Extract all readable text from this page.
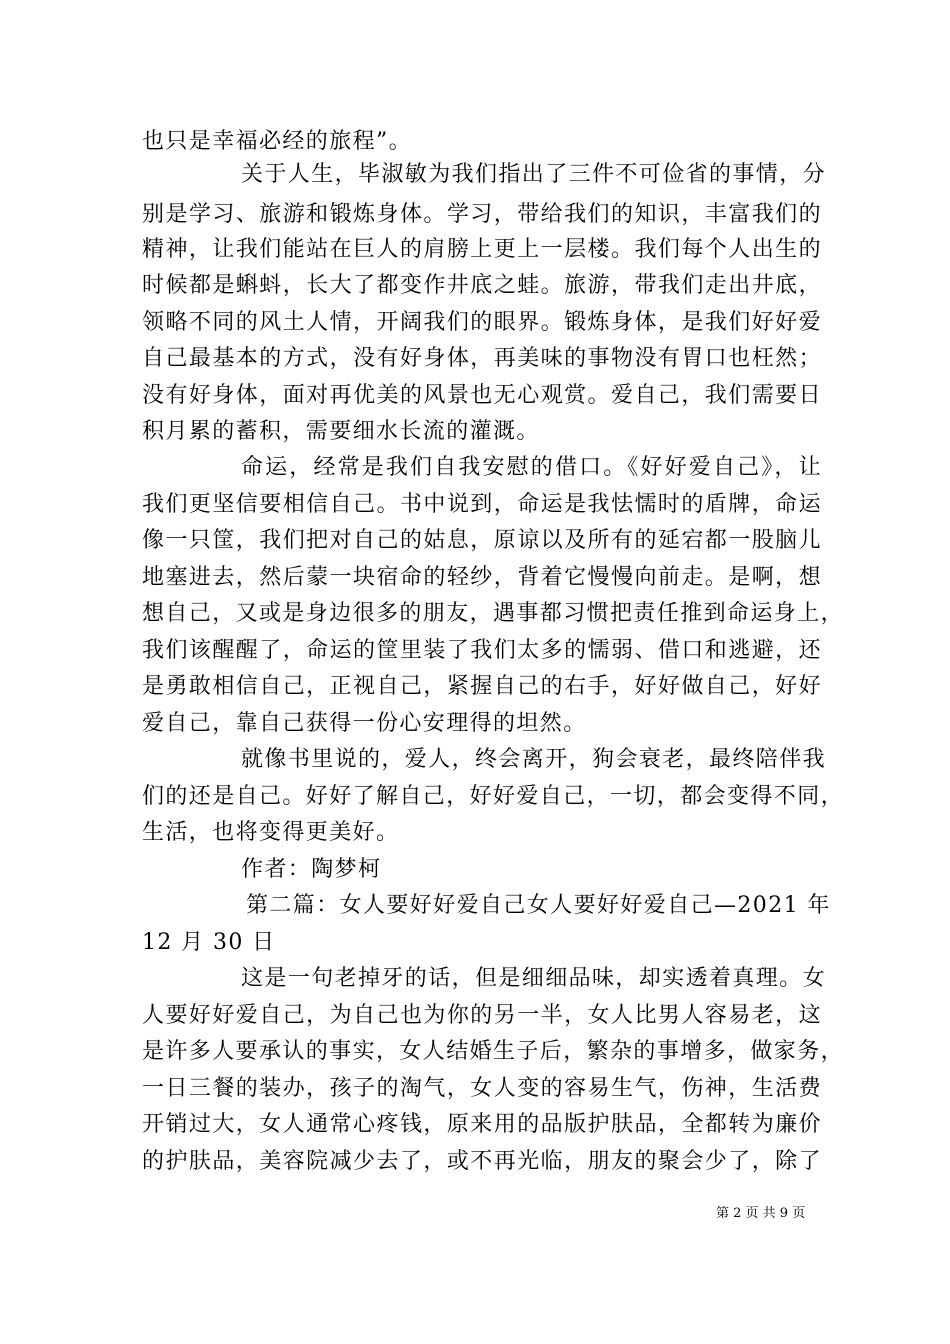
也只是幸福必经的旅程”。
关于人生，毕淑敏为我们指出了三件不可俭省的事情，分
别是学习、旅游和锻炼身体。学习，带给我们的知识，丰富我们的
精神，让我们能站在巨人的肩膀上更上一层楼。我们每个人出生的
时候都是蝌蚪，长大了都变作井底之蛙。旅游，带我们走出井底，
领略不同的风土人情，开阔我们的眼界。锻炼身体，是我们好好爱
自己最基本的方式，没有好身体，再美味的事物没有胃口也枉然；
没有好身体，面对再优美的风景也无心观赏。爱自己，我们需要日
积月累的蓄积，需要细水长流的灌溉。
命运，经常是我们自我安慰的借口。《好好爱自己》，让
我们更坚信要相信自己。书中说到，命运是我怯懦时的盾牌，命运
像一只筐，我们把对自己的姑息，原谅以及所有的延宕都一股脑儿
地塞进去，然后蒙一块宿命的轻纱，背着它慢慢向前走。是啊，想
想自己，又或是身边很多的朋友，遇事都习惯把责任推到命运身上，
我们该醒醒了，命运的筐里装了我们太多的懦弱、借口和逃避，还
是勇敢相信自己，正视自己，紧握自己的右手，好好做自己，好好
爱自己，靠自己获得一份心安理得的坦然。
就像书里说的，爱人，终会离开，狗会衰老，最终陪伴我
们的还是自己。好好了解自己，好好爱自己，一切，都会变得不同，
生活，也将变得更美好。
作者：陶梦柯
第二篇：女人要好好爱自己女人要好好爱自己—2021 年
12 月 30 日
这是一句老掉牙的话，但是细细品味，却实透着真理。女
人要好好爱自己，为自己也为你的另一半，女人比男人容易老，这
是许多人要承认的事实，女人结婚生子后，繁杂的事增多，做家务，
一日三餐的装办，孩子的淘气，女人变的容易生气，伤神，生活费
开销过大，女人通常心疼钱，原来用的品版护肤品，全都转为廉价
的护肤品，美容院减少去了，或不再光临，朋友的聚会少了，除了
第 2 页 共 9 页
